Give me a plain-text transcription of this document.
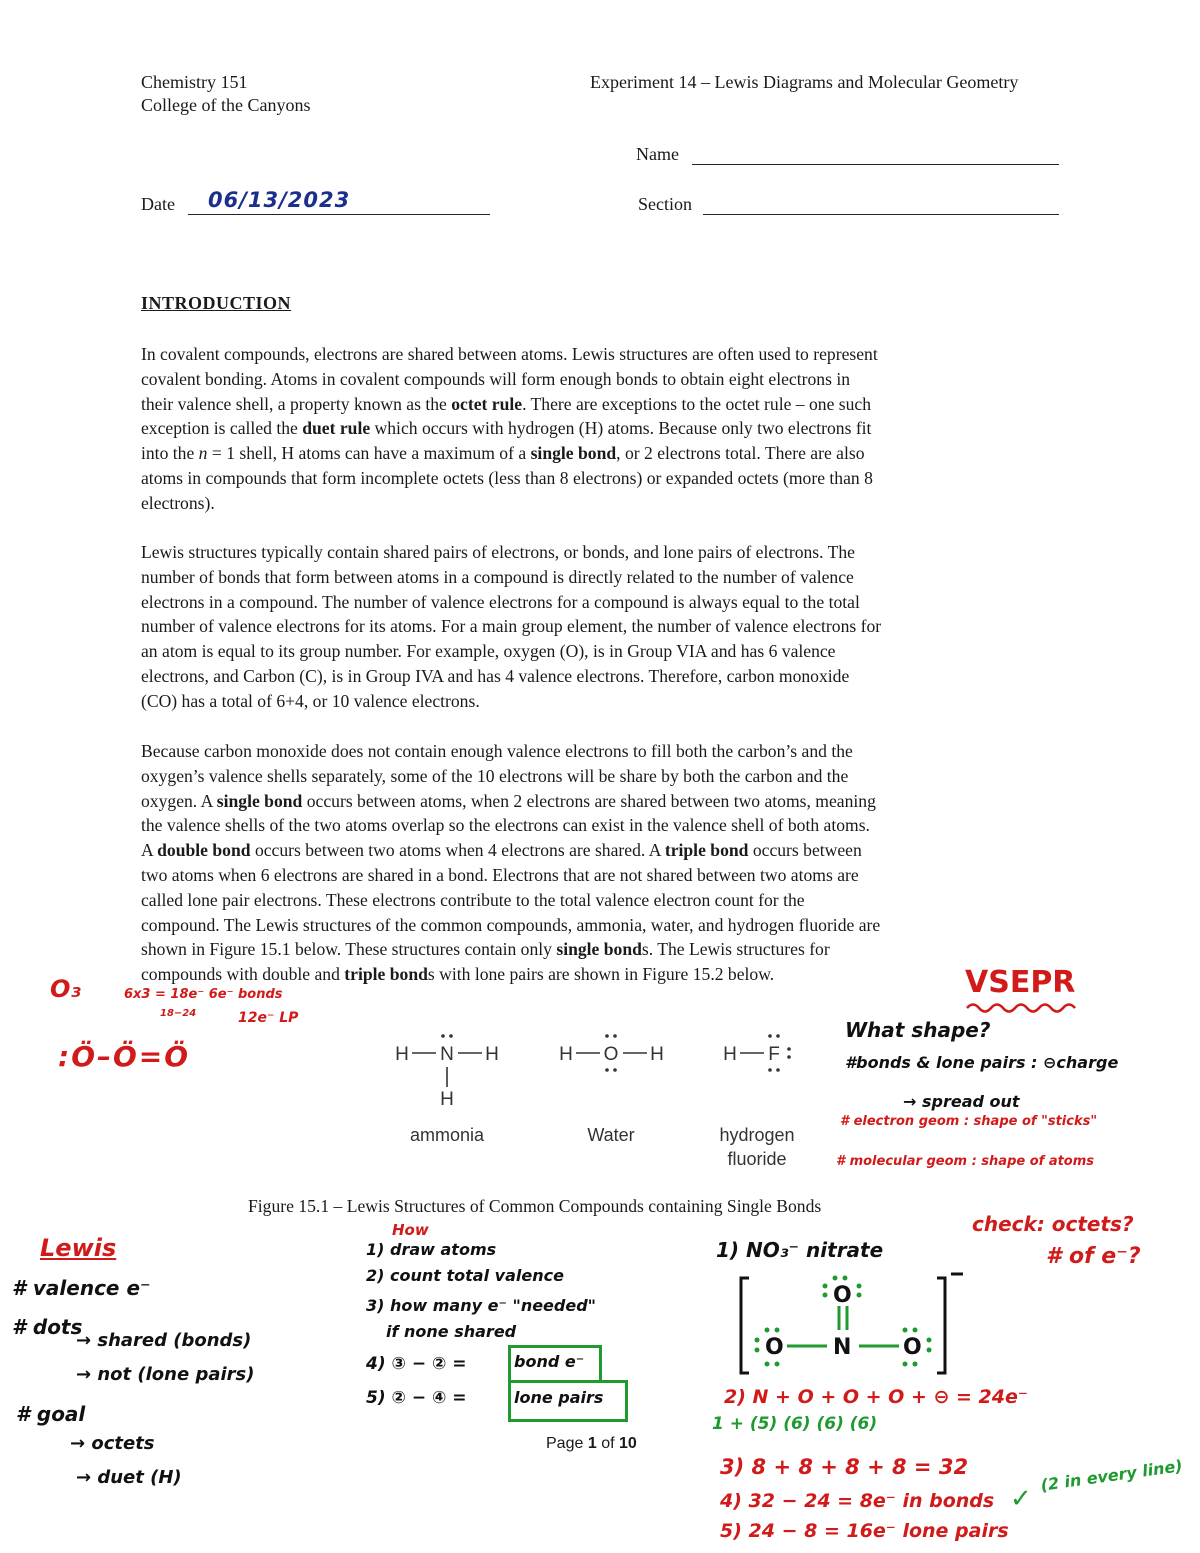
Chemistry 151
College of the Canyons
Experiment 14 – Lewis Diagrams and Molecular Geometry
Name
Date 06/13/2023	Section
INTRODUCTION
In covalent compounds, electrons are shared between atoms. Lewis structures are often used to represent
covalent bonding. Atoms in covalent compounds will form enough bonds to obtain eight electrons in
their valence shell, a property known as the octet rule. There are exceptions to the octet rule – one such
exception is called the duet rule which occurs with hydrogen (H) atoms. Because only two electrons fit
into the n = 1 shell, H atoms can have a maximum of a single bond, or 2 electrons total. There are also
atoms in compounds that form incomplete octets (less than 8 electrons) or expanded octets (more than 8
electrons).
Lewis structures typically contain shared pairs of electrons, or bonds, and lone pairs of electrons. The
number of bonds that form between atoms in a compound is directly related to the number of valence
electrons in a compound. The number of valence electrons for a compound is always equal to the total
number of valence electrons for its atoms. For a main group element, the number of valence electrons for
an atom is equal to its group number. For example, oxygen (O), is in Group VIA and has 6 valence
electrons, and Carbon (C), is in Group IVA and has 4 valence electrons. Therefore, carbon monoxide
(CO) has a total of 6+4, or 10 valence electrons.
Because carbon monoxide does not contain enough valence electrons to fill both the carbon’s and the
oxygen’s valence shells separately, some of the 10 electrons will be share by both the carbon and the
oxygen. A single bond occurs between atoms, when 2 electrons are shared between two atoms, meaning
the valence shells of the two atoms overlap so the electrons can exist in the valence shell of both atoms.
A double bond occurs between two atoms when 4 electrons are shared. A triple bond occurs between
two atoms when 6 electrons are shared in a bond. Electrons that are not shared between two atoms are
called lone pair electrons. These electrons contribute to the total valence electron count for the
compound. The Lewis structures of the common compounds, ammonia, water, and hydrogen fluoride are
shown in Figure 15.1 below. These structures contain only single bonds. The Lewis structures for
compounds with double and triple bonds with lone pairs are shown in Figure 15.2 below.
H N H
H
H O H	H F
ammonia	Water	hydrogen
fluoride
Figure 15.1 – Lewis Structures of Common Compounds containing Single Bonds
Page 1 of 10
O₃	6x3 = 18e⁻ 6e⁻ bonds
18−24	12e⁻ LP
:Ö–Ö=Ö
VSEPR
What shape?
#bonds & lone pairs : ⊖charge
→ spread out
# electron geom : shape of "sticks"
# molecular geom : shape of atoms
Lewis
# valence e⁻
# dots
→ shared (bonds)
→ not (lone pairs)
# goal
→ octets
→ duet (H)
How
1) draw atoms
2) count total valence
3) how many e⁻ "needed"
if none shared
4) ③ − ② =	bond e⁻
5) ② − ④ =	lone pairs
check: octets?
# of e⁻?
1) NO₃⁻ nitrate
O
N
O	O
2) N + O + O + O + ⊖ = 24e⁻
1 + (5) (6) (6) (6)
3) 8 + 8 + 8 + 8 = 32
4) 32 − 24 = 8e⁻ in bonds ✓
(2 in every line)
5) 24 − 8 = 16e⁻ lone pairs
